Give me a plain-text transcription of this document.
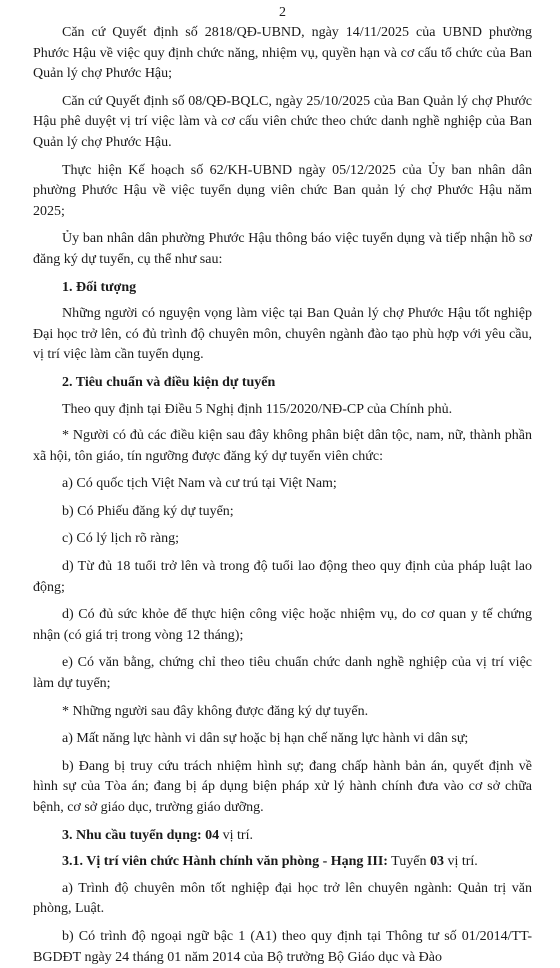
2

Căn cứ Quyết định số 2818/QĐ-UBND, ngày 14/11/2025 của UBND phường Phước Hậu về việc quy định chức năng, nhiệm vụ, quyền hạn và cơ cấu tổ chức của Ban Quản lý chợ Phước Hậu;

Căn cứ Quyết định số 08/QĐ-BQLC, ngày 25/10/2025 của Ban Quản lý chợ Phước Hậu phê duyệt vị trí việc làm và cơ cấu viên chức theo chức danh nghề nghiệp của Ban Quản lý chợ Phước Hậu.

Thực hiện Kế hoạch số 62/KH-UBND ngày 05/12/2025 của Ủy ban nhân dân phường Phước Hậu về việc tuyển dụng viên chức Ban quản lý chợ Phước Hậu năm 2025;

Ủy ban nhân dân phường Phước Hậu thông báo việc tuyển dụng và tiếp nhận hồ sơ đăng ký dự tuyển, cụ thể như sau:

1. Đối tượng

Những người có nguyện vọng làm việc tại Ban Quản lý chợ Phước Hậu tốt nghiệp Đại học trở lên, có đủ trình độ chuyên môn, chuyên ngành đào tạo phù hợp với yêu cầu, vị trí việc làm cần tuyển dụng.

2. Tiêu chuẩn và điều kiện dự tuyển

Theo quy định tại Điều 5 Nghị định 115/2020/NĐ-CP của Chính phủ.

* Người có đủ các điều kiện sau đây không phân biệt dân tộc, nam, nữ, thành phần xã hội, tôn giáo, tín ngưỡng được đăng ký dự tuyển viên chức:

a) Có quốc tịch Việt Nam và cư trú tại Việt Nam;

b) Có Phiếu đăng ký dự tuyển;

c) Có lý lịch rõ ràng;

d) Từ đủ 18 tuổi trở lên và trong độ tuổi lao động theo quy định của pháp luật lao động;

d) Có đủ sức khỏe để thực hiện công việc hoặc nhiệm vụ, do cơ quan y tế chứng nhận (có giá trị trong vòng 12 tháng);

e) Có văn bằng, chứng chỉ theo tiêu chuẩn chức danh nghề nghiệp của vị trí việc làm dự tuyển;

* Những người sau đây không được đăng ký dự tuyển.

a) Mất năng lực hành vi dân sự hoặc bị hạn chế năng lực hành vi dân sự;

b) Đang bị truy cứu trách nhiệm hình sự; đang chấp hành bản án, quyết định về hình sự của Tòa án; đang bị áp dụng biện pháp xử lý hành chính đưa vào cơ sở chữa bệnh, cơ sở giáo dục, trường giáo dưỡng.

3. Nhu cầu tuyển dụng: 04 vị trí.

3.1. Vị trí viên chức Hành chính văn phòng - Hạng III: Tuyển 03 vị trí.

a) Trình độ chuyên môn tốt nghiệp đại học trở lên chuyên ngành: Quản trị văn phòng, Luật.

b) Có trình độ ngoại ngữ bậc 1 (A1) theo quy định tại Thông tư số 01/2014/TT-BGDĐT ngày 24 tháng 01 năm 2014 của Bộ trưởng Bộ Giáo dục và Đào
